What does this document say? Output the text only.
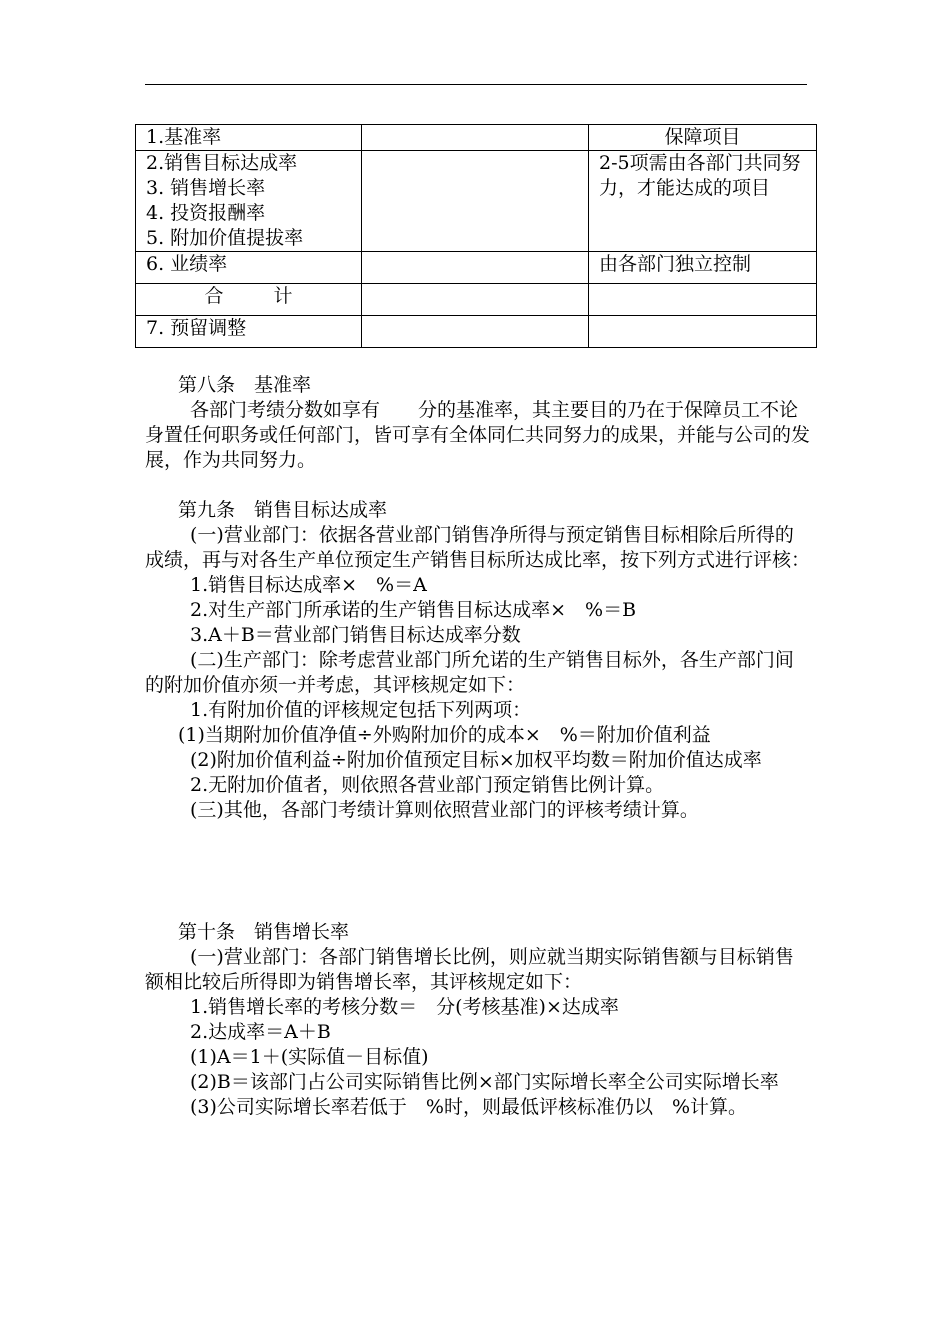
1.基准率		保障项目

2.销售目标达成率
3. 销售增长率
4. 投资报酬率
5. 附加价值提拔率		2-5项需由各部门共同努力，才能达成的项目

6. 业绩率		由各部门独立控制
合 计		

7. 预留调整		

第八条　基准率
各部门考绩分数如享有　　分的基准率，其主要目的乃在于保障员工不论身置任何职务或任何部门，皆可享有全体同仁共同努力的成果，并能与公司的发展，作为共同努力。
第九条　销售目标达成率
(一)营业部门：依据各营业部门销售净所得与预定销售目标相除后所得的成绩，再与对各生产单位预定生产销售目标所达成比率，按下列方式进行评核：
1.销售目标达成率×　%＝A
2.对生产部门所承诺的生产销售目标达成率×　%＝B
3.A＋B＝营业部门销售目标达成率分数
(二)生产部门：除考虑营业部门所允诺的生产销售目标外，各生产部门间的附加价值亦须一并考虑，其评核规定如下：
1.有附加价值的评核规定包括下列两项：
(1)当期附加价值净值÷外购附加价的成本×　%＝附加价值利益
(2)附加价值利益÷附加价值预定目标×加权平均数＝附加价值达成率
2.无附加价值者，则依照各营业部门预定销售比例计算。
(三)其他，各部门考绩计算则依照营业部门的评核考绩计算。
第十条　销售增长率
(一)营业部门：各部门销售增长比例，则应就当期实际销售额与目标销售额相比较后所得即为销售增长率，其评核规定如下：
1.销售增长率的考核分数＝　分(考核基准)×达成率
2.达成率＝A＋B
(1)A＝1＋(实际值－目标值)
(2)B＝该部门占公司实际销售比例×部门实际增长率全公司实际增长率
(3)公司实际增长率若低于　%时，则最低评核标准仍以　%计算。
